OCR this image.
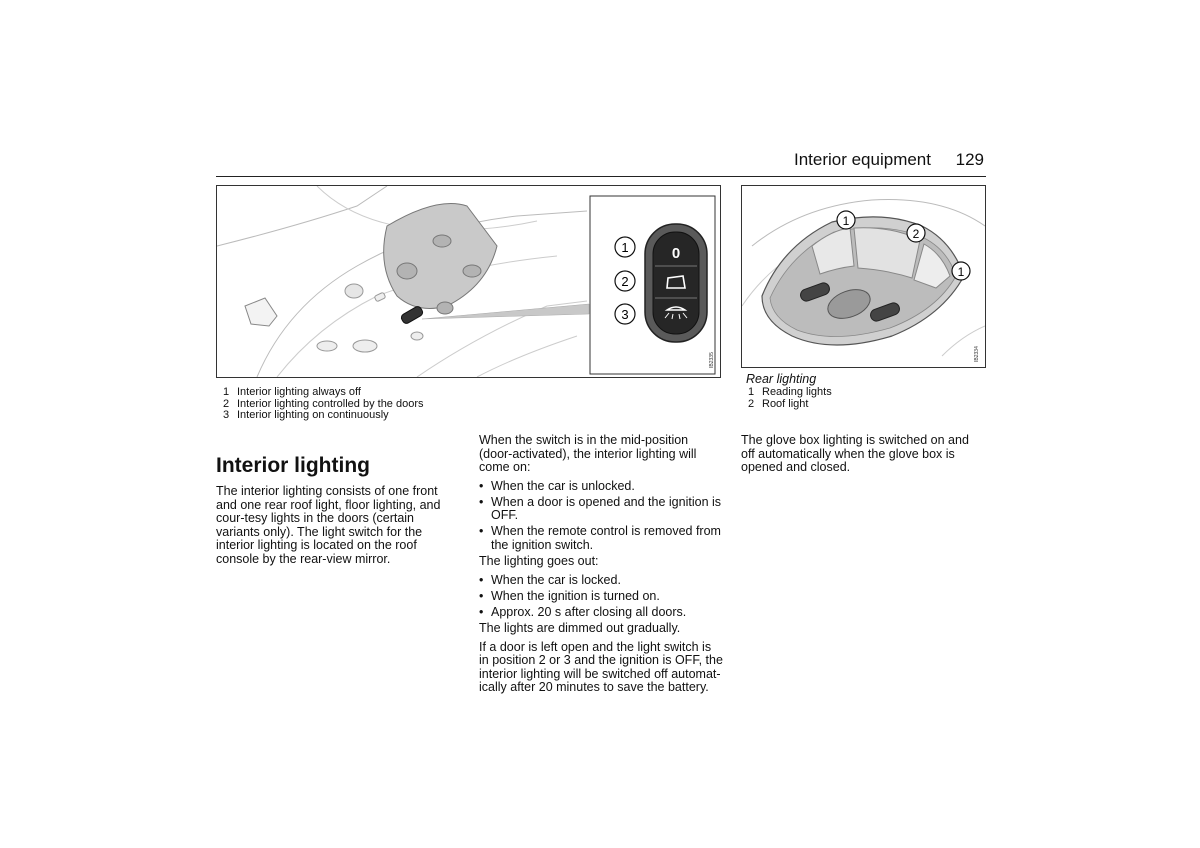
Interior equipment 129
1
2
3
0
IB2335
1 Interior lighting always off
2 Interior lighting controlled by the doors
3 Interior lighting on continuously
1
2
1
IB2334
Rear lighting
1 Reading lights
2 Roof light
Interior lighting

The interior lighting consists of one front and one rear roof light, floor lighting, and cour-tesy lights in the doors (certain variants only). The light switch for the interior lighting is located on the roof console by the rear-view mirror.

When the switch is in the mid-position (door-activated), the interior lighting will come on:

• When the car is unlocked.
• When a door is opened and the ignition is OFF.
• When the remote control is removed from the ignition switch.

The lighting goes out:

• When the car is locked.
• When the ignition is turned on.
• Approx. 20 s after closing all doors.

The lights are dimmed out gradually.

If a door is left open and the light switch is in position 2 or 3 and the ignition is OFF, the interior lighting will be switched off automat-ically after 20 minutes to save the battery.

The glove box lighting is switched on and off automatically when the glove box is opened and closed.
